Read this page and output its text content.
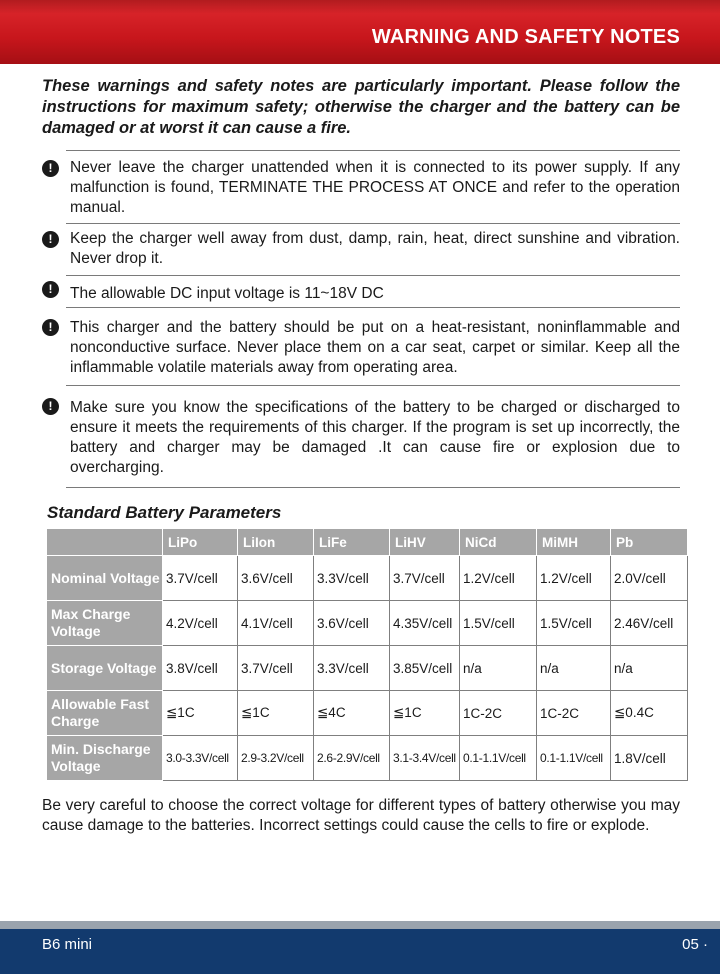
WARNING AND SAFETY NOTES
These warnings and safety notes are particularly important. Please follow the instructions for maximum safety; otherwise the charger and the battery can be damaged or at worst it can cause a fire.
!	Never leave the charger unattended when it is connected to its power supply. If any malfunction is found, TERMINATE THE PROCESS AT ONCE and refer to the operation manual.
!	Keep the charger well away from dust, damp, rain, heat, direct sunshine and vibration. Never drop it.
!	The allowable DC input voltage is 11~18V DC
!	This charger and the battery should be put on a heat-resistant, noninflammable and nonconductive surface. Never place them on a car seat, carpet or similar. Keep all the inflammable volatile materials away from operating area.
!	Make sure you know the specifications of the battery to be charged or discharged to ensure it meets the requirements of this charger. If the program is set up incorrectly, the battery and charger may be damaged .It can cause fire or explosion due to overcharging.
Standard Battery Parameters
	LiPo	LiIon	LiFe	LiHV	NiCd	MiMH	Pb
Nominal Voltage	3.7V/cell	3.6V/cell	3.3V/cell	3.7V/cell	1.2V/cell	1.2V/cell	2.0V/cell
Max Charge Voltage	4.2V/cell	4.1V/cell	3.6V/cell	4.35V/cell	1.5V/cell	1.5V/cell	2.46V/cell
Storage Voltage	3.8V/cell	3.7V/cell	3.3V/cell	3.85V/cell	n/a	n/a	n/a
Allowable Fast Charge	≦1C	≦1C	≦4C	≦1C	1C-2C	1C-2C	≦0.4C
Min. Discharge Voltage	3.0-3.3V/cell	2.9-3.2V/cell	2.6-2.9V/cell	3.1-3.4V/cell	0.1-1.1V/cell	0.1-1.1V/cell	1.8V/cell
Be very careful to choose the correct voltage for different types of battery otherwise you may cause damage to the batteries. Incorrect settings could cause the cells to fire or explode.
B6 mini	05 ·
